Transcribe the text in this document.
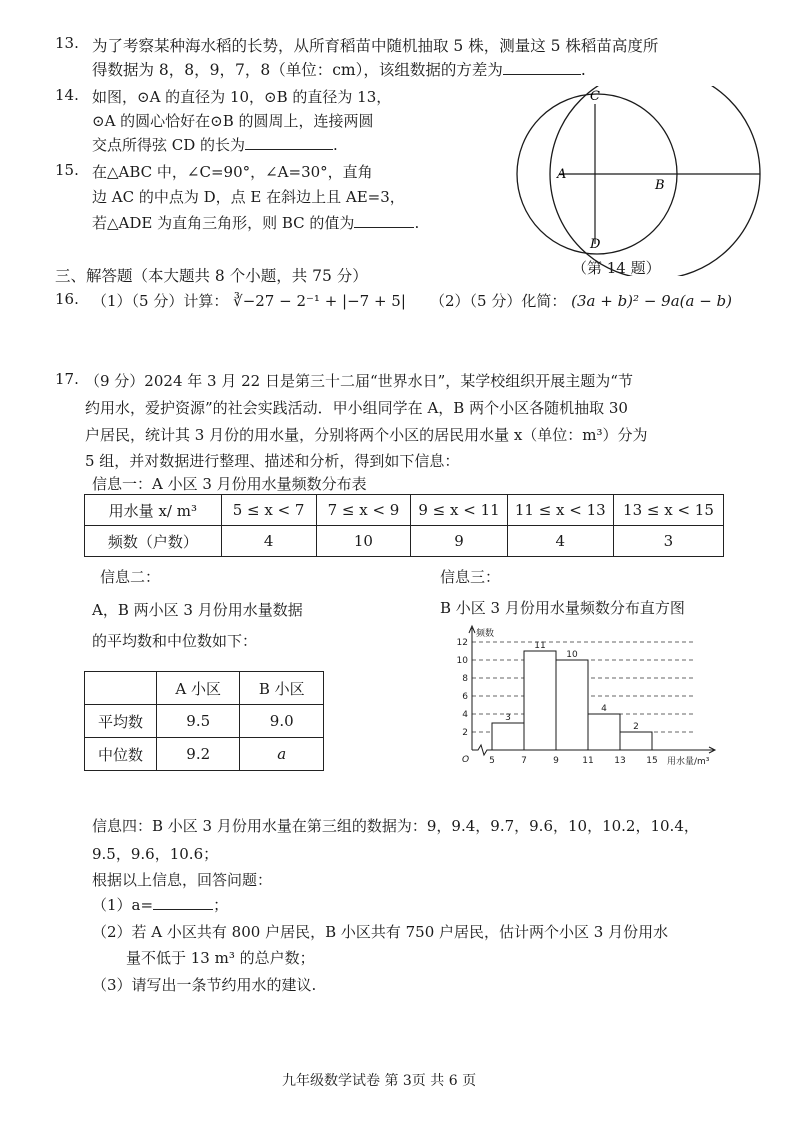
13. 为了考察某种海水稻的长势，从所育稻苗中随机抽取 5 株，测量这 5 株稻苗高度所
得数据为 8，8，9，7，8（单位：cm），该组数据的方差为	.
14. 如图，⊙A 的直径为 10，⊙B 的直径为 13，
⊙A 的圆心恰好在⊙B 的圆周上，连接两圆
交点所得弦 CD 的长为	.
15. 在△ABC 中，∠C=90°，∠A=30°，直角
边 AC 的中点为 D，点 E 在斜边上且 AE=3，
若△ADE 为直角三角形，则 BC 的值为	.
C
A
B
D
（第 14 题）
三、解答题（本大题共 8 个小题，共 75 分）
16. （1）（5 分）计算： ∛−27 − 2⁻¹ + |−7 + 5| （2）（5 分）化简： (3a + b)² − 9a(a − b)
17. （9 分）2024 年 3 月 22 日是第三十二届“世界水日”，某学校组织开展主题为“节
约用水，爱护资源”的社会实践活动．甲小组同学在 A，B 两个小区各随机抽取 30
户居民，统计其 3 月份的用水量，分别将两个小区的居民用水量 x（单位：m³）分为
5 组，并对数据进行整理、描述和分析，得到如下信息：
信息一：A 小区 3 月份用水量频数分布表
用水量 x/ m³	5 ≤ x < 7	7 ≤ x < 9	9 ≤ x < 11	11 ≤ x < 13	13 ≤ x < 15
频数（户数）	4	10	9	4	3
信息二：
A，B 两小区 3 月份用水量数据
的平均数和中位数如下：
	A 小区	B 小区
平均数	9.5	9.0
中位数	9.2	a
信息三：
B 小区 3 月份用水量频数分布直方图
3
11
10
4
2
2
4
6
8
10
12
5	7	9	11 13 15
O
频数
用水量/m³
信息四：B 小区 3 月份用水量在第三组的数据为：9，9.4，9.7，9.6，10，10.2，10.4，
9.5，9.6，10.6；
根据以上信息，回答问题：
（1）a=	；
（2）若 A 小区共有 800 户居民，B 小区共有 750 户居民，估计两个小区 3 月份用水
量不低于 13 m³ 的总户数；
（3）请写出一条节约用水的建议.
九年级数学试卷 第 3页 共 6 页
